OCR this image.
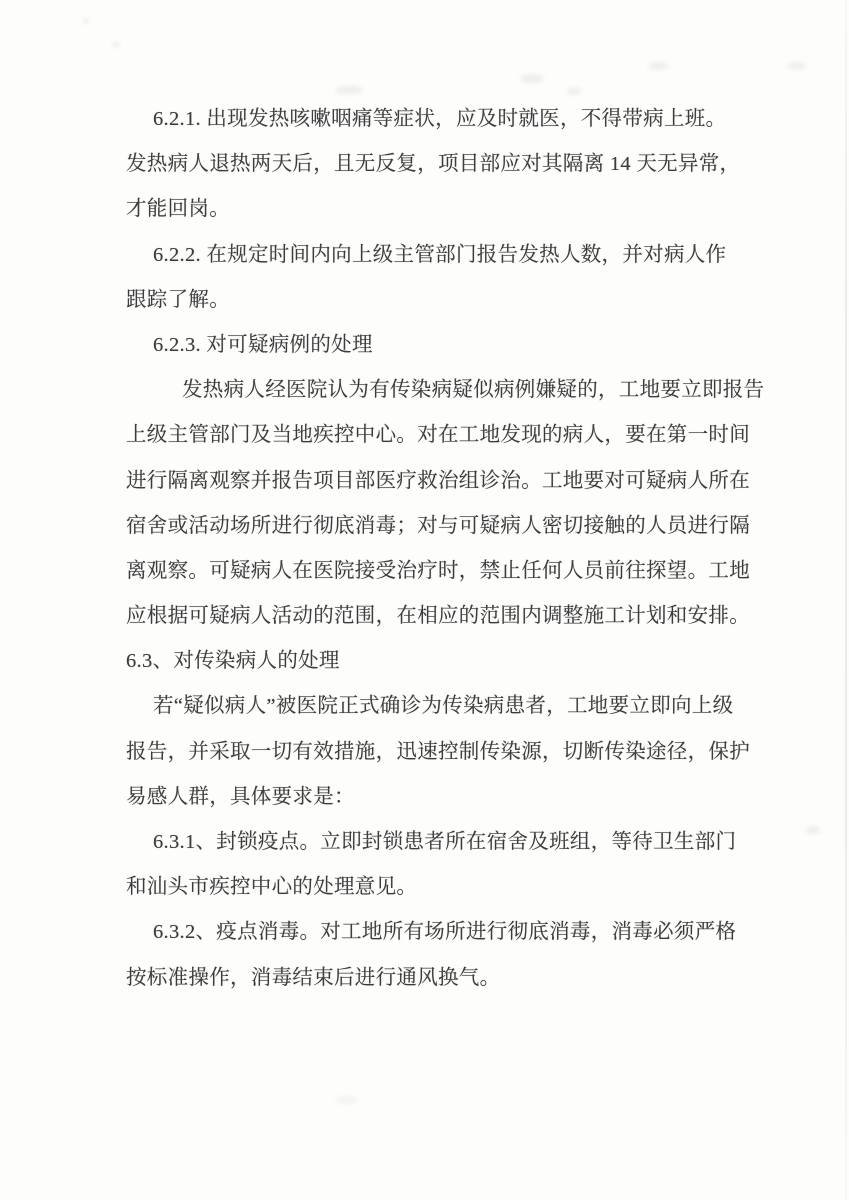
6.2.1. 出现发热咳嗽咽痛等症状，应及时就医，不得带病上班。
发热病人退热两天后，且无反复，项目部应对其隔离 14 天无异常，
才能回岗。
6.2.2. 在规定时间内向上级主管部门报告发热人数，并对病人作
跟踪了解。
6.2.3. 对可疑病例的处理
发热病人经医院认为有传染病疑似病例嫌疑的，工地要立即报告
上级主管部门及当地疾控中心。对在工地发现的病人，要在第一时间
进行隔离观察并报告项目部医疗救治组诊治。工地要对可疑病人所在
宿舍或活动场所进行彻底消毒；对与可疑病人密切接触的人员进行隔
离观察。可疑病人在医院接受治疗时，禁止任何人员前往探望。工地
应根据可疑病人活动的范围，在相应的范围内调整施工计划和安排。
6.3、对传染病人的处理
若“疑似病人”被医院正式确诊为传染病患者，工地要立即向上级
报告，并采取一切有效措施，迅速控制传染源，切断传染途径，保护
易感人群，具体要求是：
6.3.1、封锁疫点。立即封锁患者所在宿舍及班组，等待卫生部门
和汕头市疾控中心的处理意见。
6.3.2、疫点消毒。对工地所有场所进行彻底消毒，消毒必须严格
按标准操作，消毒结束后进行通风换气。
